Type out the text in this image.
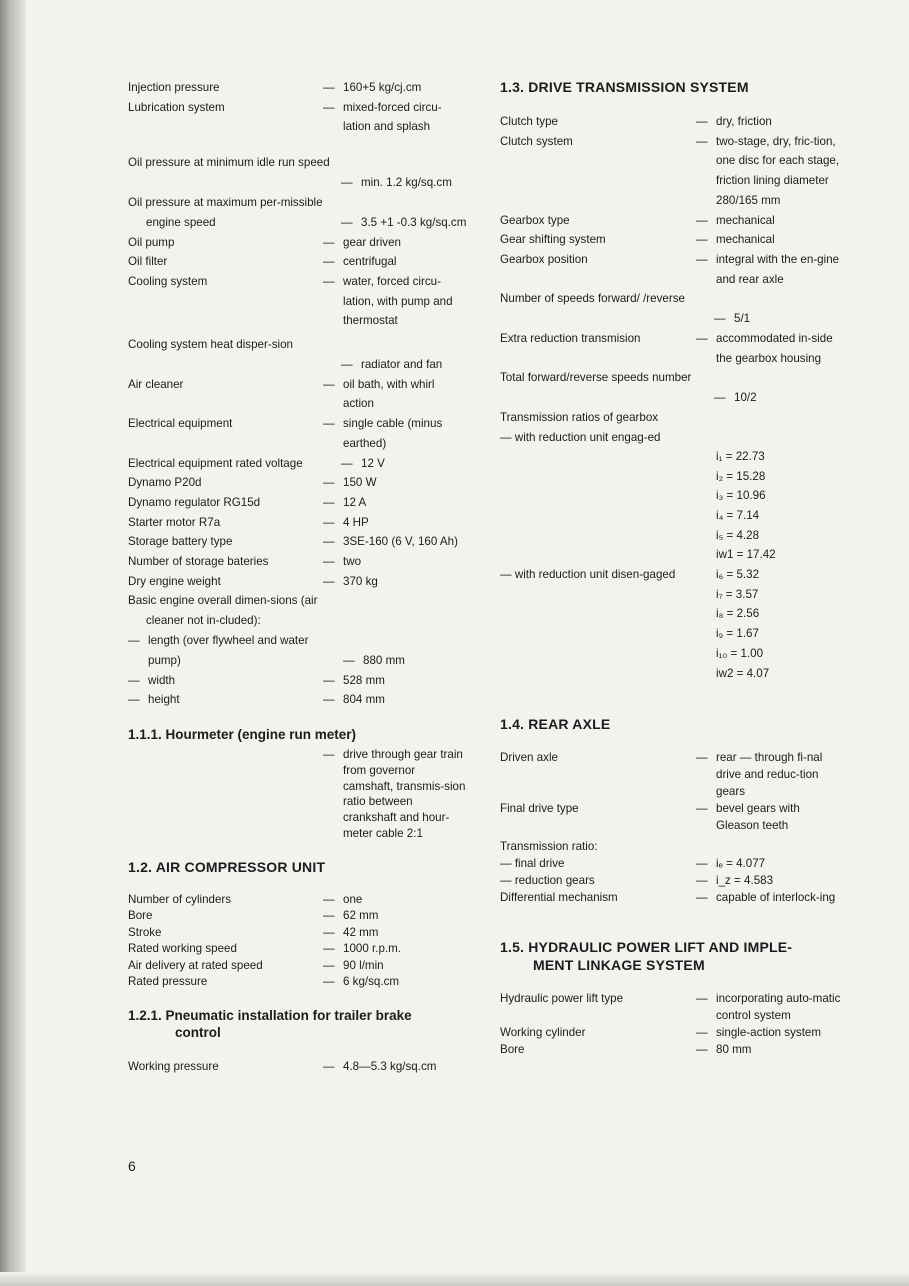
Injection pressure	— 160+5 kg/cj.cm
Lubrication system	— mixed-forced circu-lation and splash
Oil pressure at minimum idle run speed
— min. 1.2 kg/sq.cm
Oil pressure at maximum per-missible engine speed	— 3.5 +1 -0.3 kg/sq.cm
Oil pump	— gear driven
Oil filter	— centrifugal
Cooling system	— water, forced circu-lation, with pump and thermostat
Cooling system heat disper-sion
— radiator and fan
Air cleaner	— oil bath, with whirl action
Electrical equipment	— single cable (minus earthed)
Electrical equipment rated voltage	— 12 V
Dynamo P20d	— 150 W
Dynamo regulator RG15d	— 12 A
Starter motor R7a	— 4 HP
Storage battery type	— 3SE-160 (6 V, 160 Ah)
Number of storage bateries	— two
Dry engine weight	— 370 kg
Basic engine overall dimen-sions (air cleaner not in-cluded):
— length (over flywheel and water pump)	— 880 mm
— width	— 528 mm
— height	— 804 mm
1.1.1. Hourmeter (engine run meter)
— drive through gear train from governor camshaft, transmis-sion ratio between crankshaft and hour-meter cable 2:1
1.2. AIR COMPRESSOR UNIT
Number of cylinders	— one
Bore	— 62 mm
Stroke	— 42 mm
Rated working speed	— 1000 r.p.m.
Air delivery at rated speed	— 90 l/min
Rated pressure	— 6 kg/sq.cm
1.2.1. Pneumatic installation for trailer brake
control
Working pressure	— 4.8—5.3 kg/sq.cm
1.3. DRIVE TRANSMISSION SYSTEM
Clutch type	— dry, friction
Clutch system	— two-stage, dry, fric-tion, one disc for each stage, friction lining diameter 280/165 mm
Gearbox type	— mechanical
Gear shifting system	— mechanical
Gearbox position	— integral with the en-gine and rear axle
Number of speeds forward/ /reverse
— 5/1
Extra reduction transmision	— accommodated in-side the gearbox housing
Total forward/reverse speeds number
— 10/2
Transmission ratios of gearbox
— with reduction unit engag-ed
i₁ = 22.73
i₂ = 15.28
i₃ = 10.96
i₄ = 7.14
i₅ = 4.28
iw1 = 17.42
— with reduction unit disen-gaged	i₆ = 5.32
i₇ = 3.57
i₈ = 2.56
i₉ = 1.67
i₁₀ = 1.00
iw2 = 4.07
1.4. REAR AXLE
Driven axle	— rear — through fi-nal drive and reduc-tion gears
Final drive type	— bevel gears with Gleason teeth
Transmission ratio:
— final drive	— iₑ = 4.077
— reduction gears	— i_z = 4.583
Differential mechanism	— capable of interlock-ing
1.5. HYDRAULIC POWER LIFT AND IMPLE-
MENT LINKAGE SYSTEM
Hydraulic power lift type	— incorporating auto-matic control system
Working cylinder	— single-action system
Bore	— 80 mm
6
